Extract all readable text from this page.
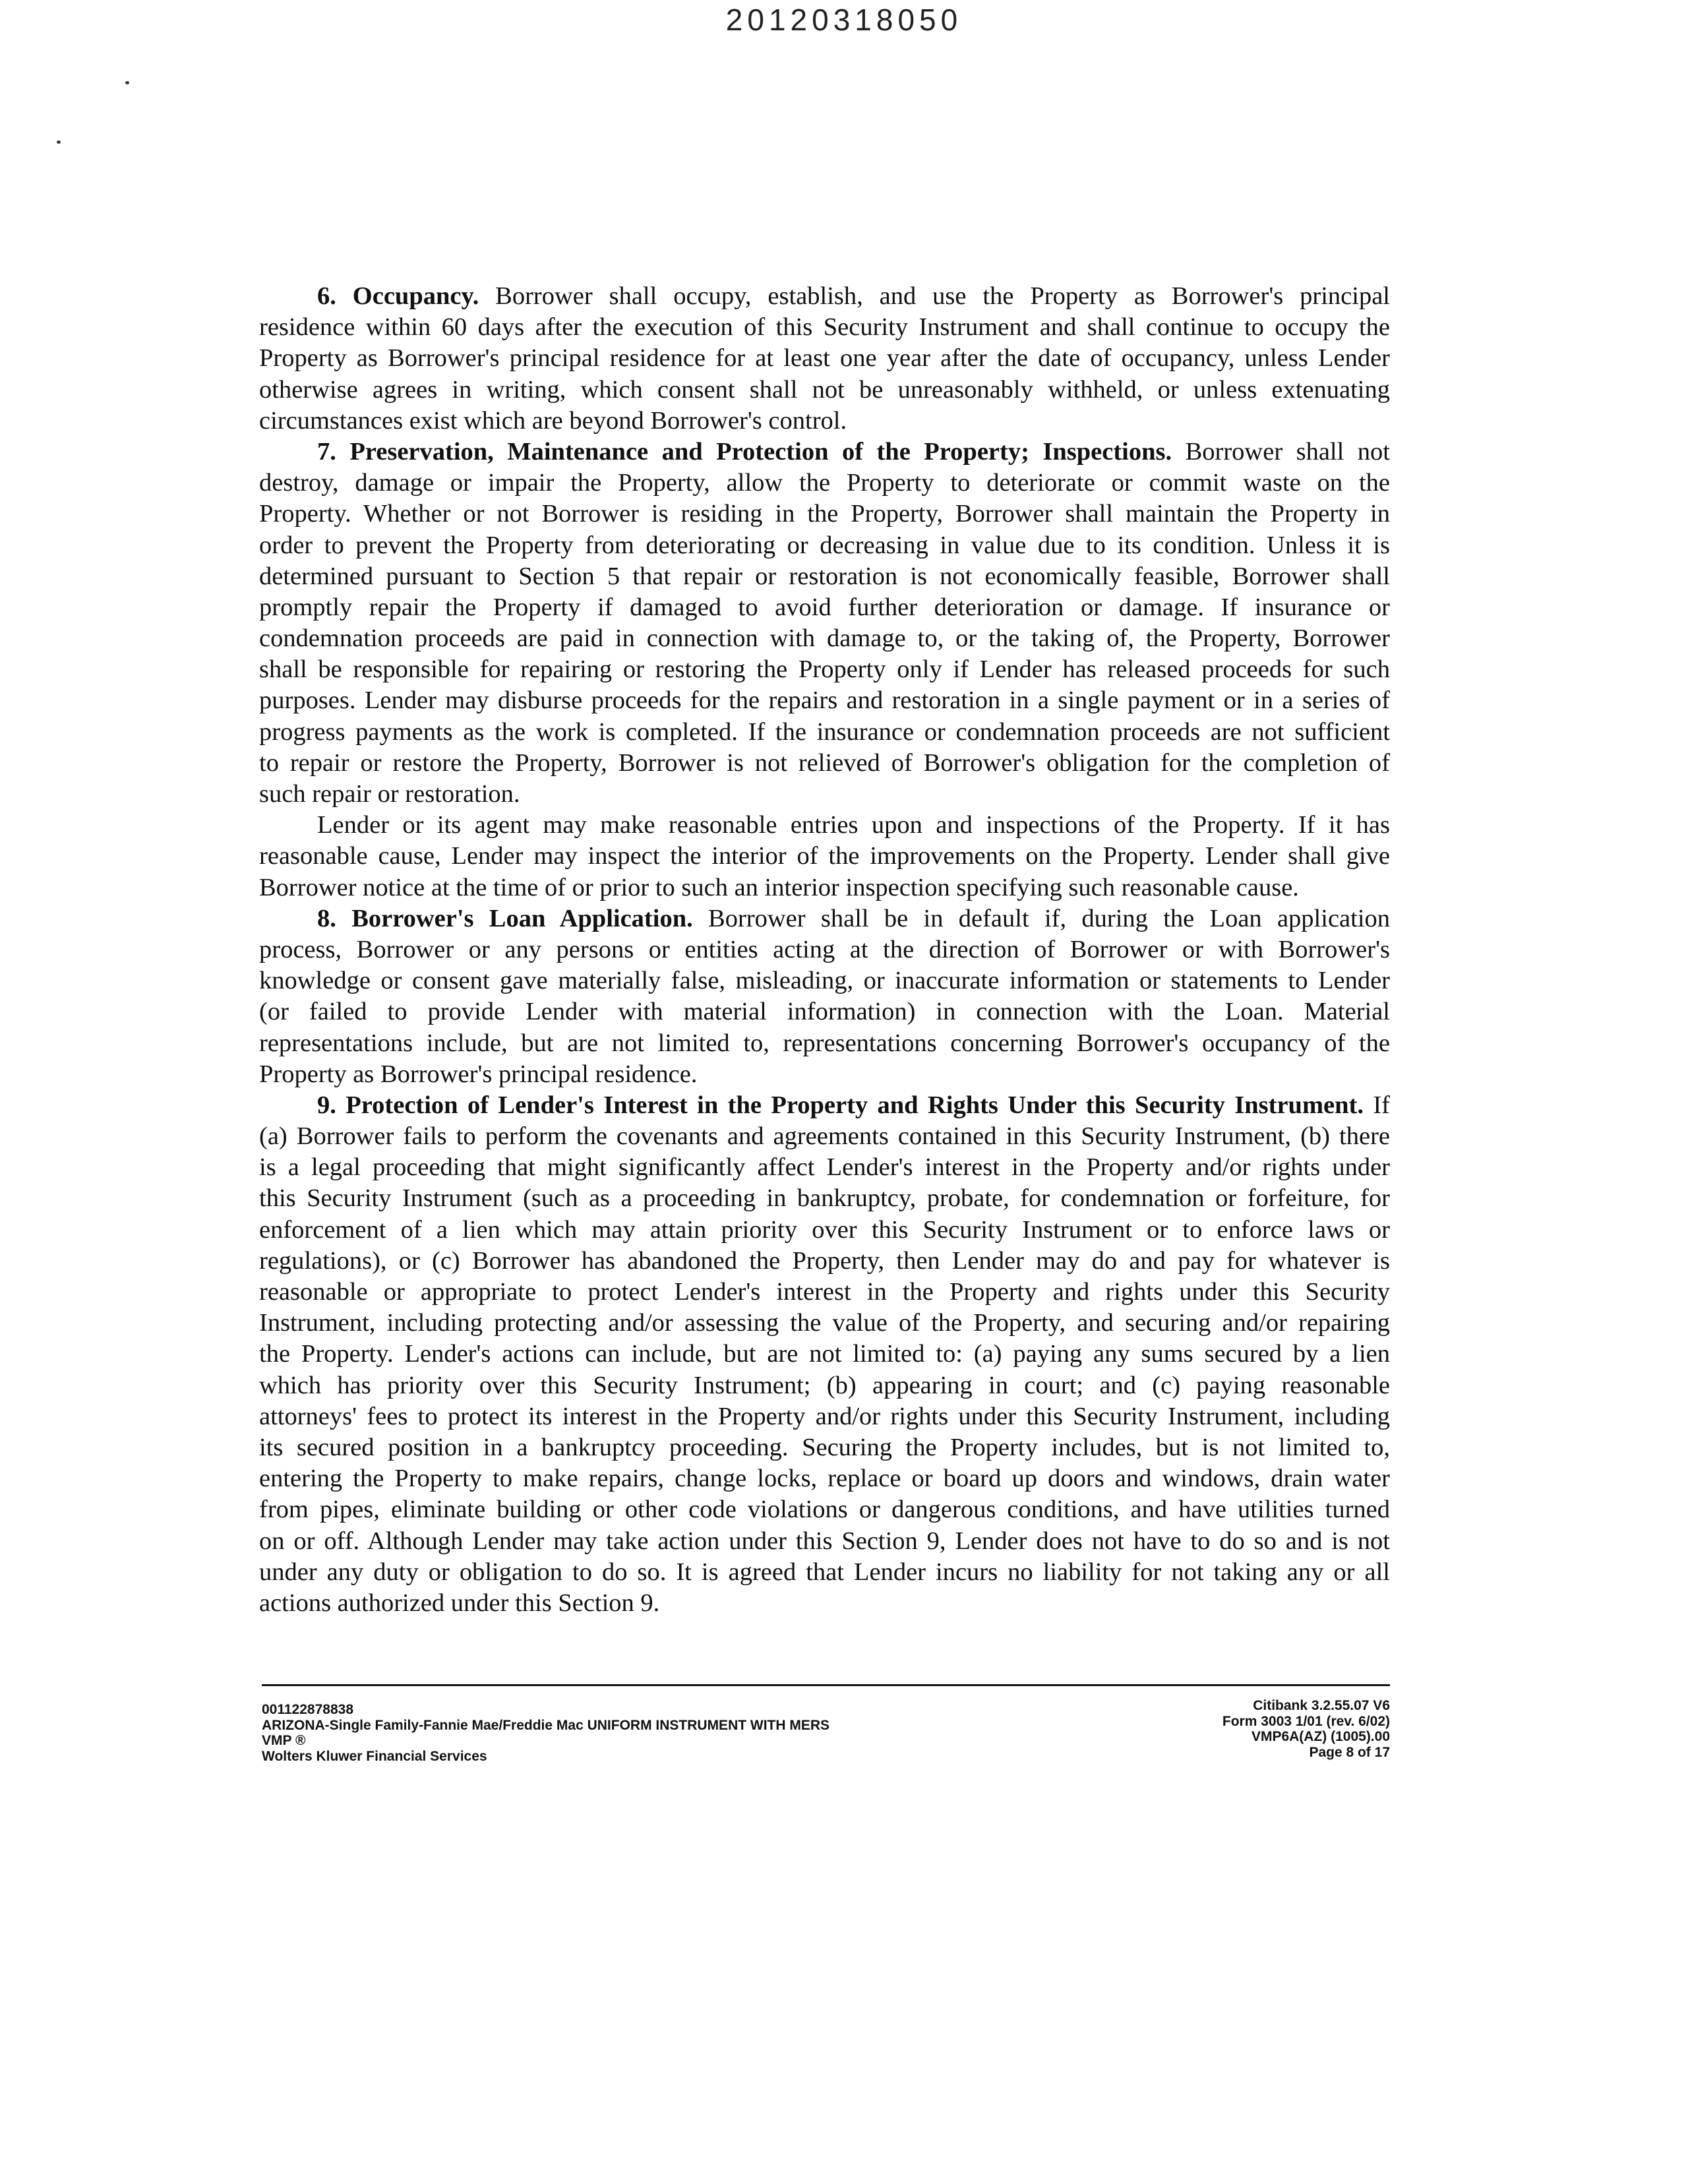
20120318050
6. Occupancy. Borrower shall occupy, establish, and use the Property as Borrower's principal
residence within 60 days after the execution of this Security Instrument and shall continue to occupy the
Property as Borrower's principal residence for at least one year after the date of occupancy, unless Lender
otherwise agrees in writing, which consent shall not be unreasonably withheld, or unless extenuating
circumstances exist which are beyond Borrower's control.
7. Preservation, Maintenance and Protection of the Property; Inspections. Borrower shall not
destroy, damage or impair the Property, allow the Property to deteriorate or commit waste on the
Property. Whether or not Borrower is residing in the Property, Borrower shall maintain the Property in
order to prevent the Property from deteriorating or decreasing in value due to its condition. Unless it is
determined pursuant to Section 5 that repair or restoration is not economically feasible, Borrower shall
promptly repair the Property if damaged to avoid further deterioration or damage. If insurance or
condemnation proceeds are paid in connection with damage to, or the taking of, the Property, Borrower
shall be responsible for repairing or restoring the Property only if Lender has released proceeds for such
purposes. Lender may disburse proceeds for the repairs and restoration in a single payment or in a series of
progress payments as the work is completed. If the insurance or condemnation proceeds are not sufficient
to repair or restore the Property, Borrower is not relieved of Borrower's obligation for the completion of
such repair or restoration.
Lender or its agent may make reasonable entries upon and inspections of the Property. If it has
reasonable cause, Lender may inspect the interior of the improvements on the Property. Lender shall give
Borrower notice at the time of or prior to such an interior inspection specifying such reasonable cause.
8. Borrower's Loan Application. Borrower shall be in default if, during the Loan application
process, Borrower or any persons or entities acting at the direction of Borrower or with Borrower's
knowledge or consent gave materially false, misleading, or inaccurate information or statements to Lender
(or failed to provide Lender with material information) in connection with the Loan. Material
representations include, but are not limited to, representations concerning Borrower's occupancy of the
Property as Borrower's principal residence.
9. Protection of Lender's Interest in the Property and Rights Under this Security Instrument. If
(a) Borrower fails to perform the covenants and agreements contained in this Security Instrument, (b) there
is a legal proceeding that might significantly affect Lender's interest in the Property and/or rights under
this Security Instrument (such as a proceeding in bankruptcy, probate, for condemnation or forfeiture, for
enforcement of a lien which may attain priority over this Security Instrument or to enforce laws or
regulations), or (c) Borrower has abandoned the Property, then Lender may do and pay for whatever is
reasonable or appropriate to protect Lender's interest in the Property and rights under this Security
Instrument, including protecting and/or assessing the value of the Property, and securing and/or repairing
the Property. Lender's actions can include, but are not limited to: (a) paying any sums secured by a lien
which has priority over this Security Instrument; (b) appearing in court; and (c) paying reasonable
attorneys' fees to protect its interest in the Property and/or rights under this Security Instrument, including
its secured position in a bankruptcy proceeding. Securing the Property includes, but is not limited to,
entering the Property to make repairs, change locks, replace or board up doors and windows, drain water
from pipes, eliminate building or other code violations or dangerous conditions, and have utilities turned
on or off. Although Lender may take action under this Section 9, Lender does not have to do so and is not
under any duty or obligation to do so. It is agreed that Lender incurs no liability for not taking any or all
actions authorized under this Section 9.
001122878838
ARIZONA-Single Family-Fannie Mae/Freddie Mac UNIFORM INSTRUMENT WITH MERS
VMP ®
Wolters Kluwer Financial Services
Citibank 3.2.55.07 V6
Form 3003 1/01 (rev. 6/02)
VMP6A(AZ) (1005).00
Page 8 of 17
